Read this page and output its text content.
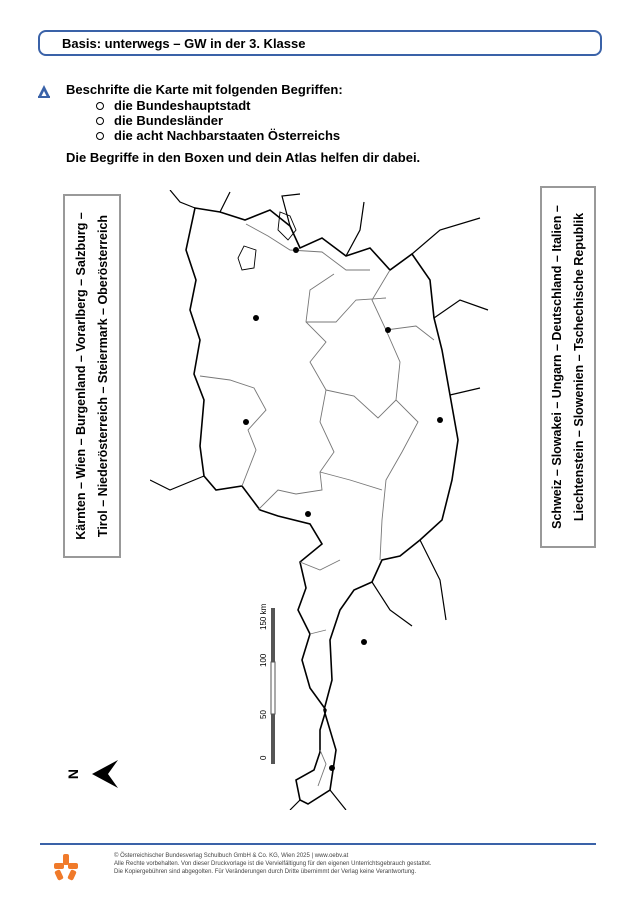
Basis: unterwegs – GW in der 3. Klasse
Beschrifte die Karte mit folgenden Begriffen:
die Bundeshauptstadt
die Bundesländer
die acht Nachbarstaaten Österreichs
Die Begriffe in den Boxen und dein Atlas helfen dir dabei.
Kärnten – Wien – Burgenland – Vorarlberg – Salzburg – Tirol – Niederösterreich – Steiermark – Oberösterreich	Schweiz – Slowakei – Ungarn – Deutschland – Italien – Liechtenstein – Slowenien – Tschechische Republik
0
50
100
150 km
N
© Österreichischer Bundesverlag Schulbuch GmbH & Co. KG, Wien 2025 | www.oebv.at
Alle Rechte vorbehalten. Von dieser Druckvorlage ist die Vervielfältigung für den eigenen Unterrichtsgebrauch gestattet.
Die Kopiergebühren sind abgegolten. Für Veränderungen durch Dritte übernimmt der Verlag keine Verantwortung.
